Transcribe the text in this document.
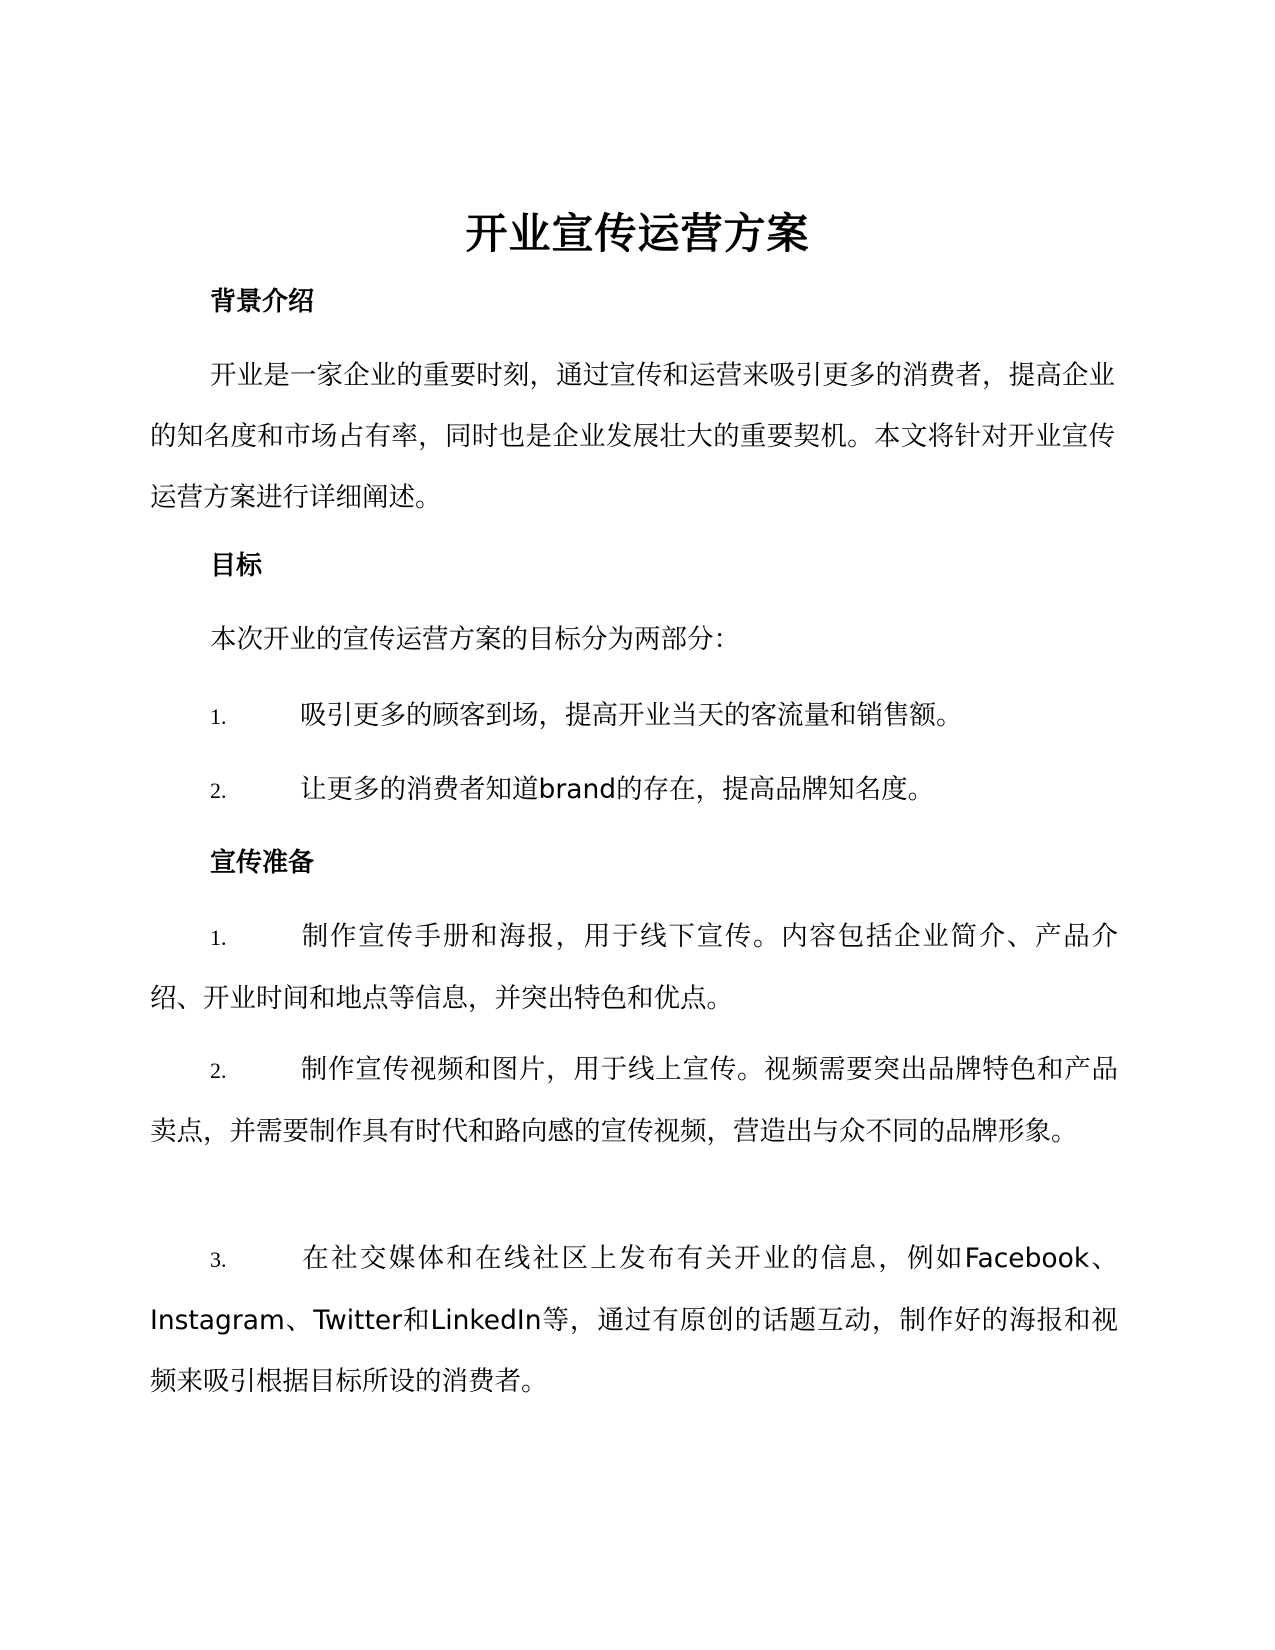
开业宣传运营方案
背景介绍

开业是一家企业的重要时刻，通过宣传和运营来吸引更多的消费者，提高企业的知名度和市场占有率，同时也是企业发展壮大的重要契机。本文将针对开业宣传运营方案进行详细阐述。

目标

本次开业的宣传运营方案的目标分为两部分：

1.	吸引更多的顾客到场，提高开业当天的客流量和销售额。

2.	让更多的消费者知道brand的存在，提高品牌知名度。

宣传准备

1.	制作宣传手册和海报，用于线下宣传。内容包括企业简介、产品介绍、开业时间和地点等信息，并突出特色和优点。

2.	制作宣传视频和图片，用于线上宣传。视频需要突出品牌特色和产品卖点，并需要制作具有时代和路向感的宣传视频，营造出与众不同的品牌形象。

3.	在社交媒体和在线社区上发布有关开业的信息，例如Facebook、Instagram、Twitter和LinkedIn等，通过有原创的话题互动，制作好的海报和视频来吸引根据目标所设的消费者。
